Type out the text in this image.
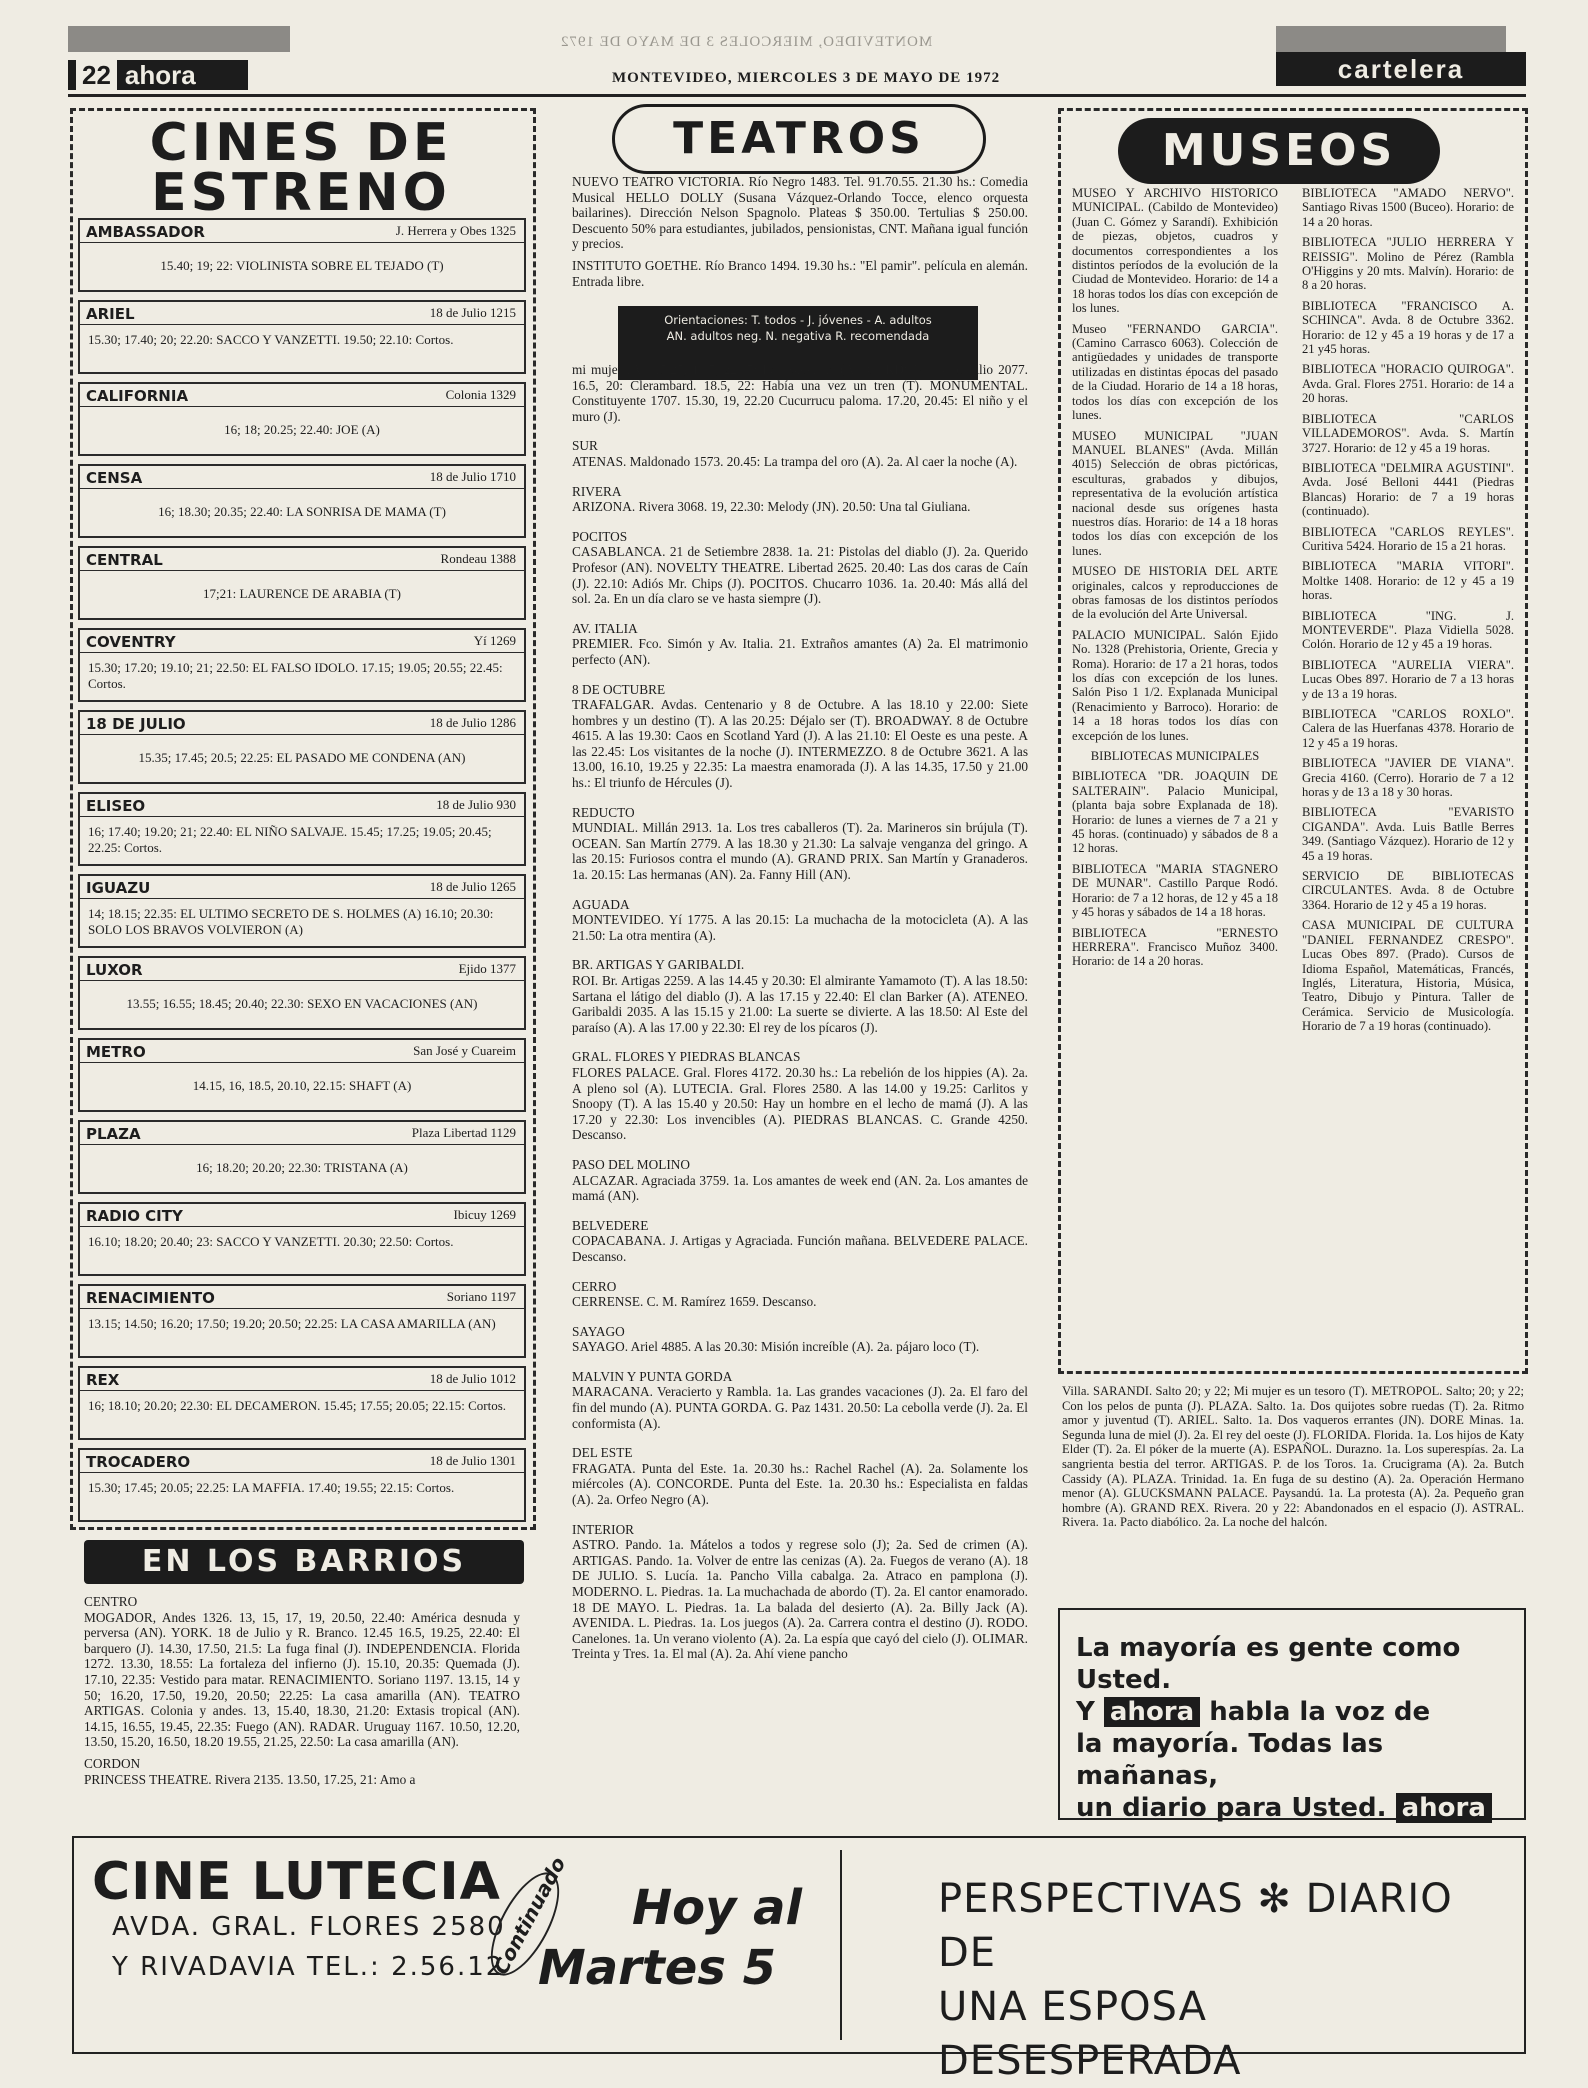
MONTEVIDEO, MIERCOLES 3 DE MAYO DE 1972
22 ahora	MONTEVIDEO, MIERCOLES 3 DE MAYO DE 1972	cartelera
CINES DE
ESTRENO
AMBASSADOR	J. Herrera y Obes 1325
15.40; 19; 22: VIOLINISTA SOBRE EL TEJADO (T)
ARIEL	18 de Julio 1215
15.30; 17.40; 20; 22.20: SACCO Y VANZETTI. 19.50; 22.10: Cortos.
CALIFORNIA	Colonia 1329
16; 18; 20.25; 22.40: JOE (A)
CENSA	18 de Julio 1710
16; 18.30; 20.35; 22.40: LA SONRISA DE MAMA (T)
CENTRAL	Rondeau 1388
17;21: LAURENCE DE ARABIA (T)
COVENTRY	Yí 1269
15.30; 17.20; 19.10; 21; 22.50: EL FALSO IDOLO. 17.15; 19.05; 20.55; 22.45: Cortos.
18 DE JULIO	18 de Julio 1286
15.35; 17.45; 20.5; 22.25: EL PASADO ME CONDENA (AN)
ELISEO	18 de Julio 930
16; 17.40; 19.20; 21; 22.40: EL NIÑO SALVAJE. 15.45; 17.25; 19.05; 20.45; 22.25: Cortos.
IGUAZU	18 de Julio 1265
14; 18.15; 22.35: EL ULTIMO SECRETO DE S. HOLMES (A) 16.10; 20.30: SOLO LOS BRAVOS VOLVIERON (A)
LUXOR	Ejido 1377
13.55; 16.55; 18.45; 20.40; 22.30: SEXO EN VACACIONES (AN)
METRO	San José y Cuareim
14.15, 16, 18.5, 20.10, 22.15: SHAFT (A)
PLAZA	Plaza Libertad 1129
16; 18.20; 20.20; 22.30: TRISTANA (A)
RADIO CITY	Ibicuy 1269
16.10; 18.20; 20.40; 23: SACCO Y VANZETTI. 20.30; 22.50: Cortos.
RENACIMIENTO	Soriano 1197
13.15; 14.50; 16.20; 17.50; 19.20; 20.50; 22.25: LA CASA AMARILLA (AN)
REX	18 de Julio 1012
16; 18.10; 20.20; 22.30: EL DECAMERON. 15.45; 17.55; 20.05; 22.15: Cortos.
TROCADERO	18 de Julio 1301
15.30; 17.45; 20.05; 22.25: LA MAFFIA. 17.40; 19.55; 22.15: Cortos.
EN LOS BARRIOS
CENTRO

MOGADOR, Andes 1326. 13, 15, 17, 19, 20.50, 22.40: América desnuda y perversa (AN). YORK. 18 de Julio y R. Branco. 12.45 16.5, 19.25, 22.40: El barquero (J). 14.30, 17.50, 21.5: La fuga final (J). INDEPENDENCIA. Florida 1272. 13.30, 18.55: La fortaleza del infierno (J). 15.10, 20.35: Quemada (J). 17.10, 22.35: Vestido para matar. RENACIMIENTO. Soriano 1197. 13.15, 14 y 50; 16.20, 17.50, 19.20, 20.50; 22.25: La casa amarilla (AN). TEATRO ARTIGAS. Colonia y andes. 13, 15.40, 18.30, 21.20: Extasis tropical (AN). 14.15, 16.55, 19.45, 22.35: Fuego (AN). RADAR. Uruguay 1167. 10.50, 12.20, 13.50, 15.20, 16.50, 18.20 19.55, 21.25, 22.50: La casa amarilla (AN).

CORDON

PRINCESS THEATRE. Rivera 2135. 13.50, 17.25, 21: Amo a

TEATROS

NUEVO TEATRO VICTORIA. Río Negro 1483. Tel. 91.70.55. 21.30 hs.: Comedia Musical HELLO DOLLY (Susana Vázquez-Orlando Tocce, elenco orquesta bailarines). Dirección Nelson Spagnolo. Plateas $ 350.00. Tertulias $ 250.00. Descuento 50% para estudiantes, jubilados, pensionistas, CNT. Mañana igual función y precios.

INSTITUTO GOETHE. Río Branco 1494. 19.30 hs.: "El pamir". película en alemán. Entrada libre.

Orientaciones: T. todos - J. jóvenes - A. adultos
AN. adultos neg. N. negativa R. recomendada

mi mujer (A). 15.25, 19.5, 22.35: La residencia (A). CORDON. 18 de Julio 2077. 16.5, 20: Clerambard. 18.5, 22: Había una vez un tren (T). MONUMENTAL. Constituyente 1707. 15.30, 19, 22.20 Cucurrucu paloma. 17.20, 20.45: El niño y el muro (J).

SUR

ATENAS. Maldonado 1573. 20.45: La trampa del oro (A). 2a. Al caer la noche (A).

RIVERA

ARIZONA. Rivera 3068. 19, 22.30: Melody (JN). 20.50: Una tal Giuliana.

POCITOS

CASABLANCA. 21 de Setiembre 2838. 1a. 21: Pistolas del diablo (J). 2a. Querido Profesor (AN). NOVELTY THEATRE. Libertad 2625. 20.40: Las dos caras de Caín (J). 22.10: Adiós Mr. Chips (J). POCITOS. Chucarro 1036. 1a. 20.40: Más allá del sol. 2a. En un día claro se ve hasta siempre (J).

AV. ITALIA

PREMIER. Fco. Simón y Av. Italia. 21. Extraños amantes (A) 2a. El matrimonio perfecto (AN).

8 DE OCTUBRE

TRAFALGAR. Avdas. Centenario y 8 de Octubre. A las 18.10 y 22.00: Siete hombres y un destino (T). A las 20.25: Déjalo ser (T). BROADWAY. 8 de Octubre 4615. A las 19.30: Caos en Scotland Yard (J). A las 21.10: El Oeste es una peste. A las 22.45: Los visitantes de la noche (J). INTERMEZZO. 8 de Octubre 3621. A las 13.00, 16.10, 19.25 y 22.35: La maestra enamorada (J). A las 14.35, 17.50 y 21.00 hs.: El triunfo de Hércules (J).

REDUCTO

MUNDIAL. Millán 2913. 1a. Los tres caballeros (T). 2a. Marineros sin brújula (T). OCEAN. San Martín 2779. A las 18.30 y 21.30: La salvaje venganza del gringo. A las 20.15: Furiosos contra el mundo (A). GRAND PRIX. San Martín y Granaderos. 1a. 20.15: Las hermanas (AN). 2a. Fanny Hill (AN).

AGUADA

MONTEVIDEO. Yí 1775. A las 20.15: La muchacha de la motocicleta (A). A las 21.50: La otra mentira (A).

BR. ARTIGAS Y GARIBALDI.

ROI. Br. Artigas 2259. A las 14.45 y 20.30: El almirante Yamamoto (T). A las 18.50: Sartana el látigo del diablo (J). A las 17.15 y 22.40: El clan Barker (A). ATENEO. Garibaldi 2035. A las 15.15 y 21.00: La suerte se divierte. A las 18.50: Al Este del paraíso (A). A las 17.00 y 22.30: El rey de los pícaros (J).

GRAL. FLORES Y PIEDRAS BLANCAS

FLORES PALACE. Gral. Flores 4172. 20.30 hs.: La rebelión de los hippies (A). 2a. A pleno sol (A). LUTECIA. Gral. Flores 2580. A las 14.00 y 19.25: Carlitos y Snoopy (T). A las 15.40 y 20.50: Hay un hombre en el lecho de mamá (J). A las 17.20 y 22.30: Los invencibles (A). PIEDRAS BLANCAS. C. Grande 4250. Descanso.

PASO DEL MOLINO

ALCAZAR. Agraciada 3759. 1a. Los amantes de week end (AN. 2a. Los amantes de mamá (AN).

BELVEDERE

COPACABANA. J. Artigas y Agraciada. Función mañana. BELVEDERE PALACE. Descanso.

CERRO

CERRENSE. C. M. Ramírez 1659. Descanso.

SAYAGO

SAYAGO. Ariel 4885. A las 20.30: Misión increíble (A). 2a. pájaro loco (T).

MALVIN Y PUNTA GORDA

MARACANA. Veracierto y Rambla. 1a. Las grandes vacaciones (J). 2a. El faro del fin del mundo (A). PUNTA GORDA. G. Paz 1431. 20.50: La cebolla verde (J). 2a. El conformista (A).

DEL ESTE

FRAGATA. Punta del Este. 1a. 20.30 hs.: Rachel Rachel (A). 2a. Solamente los miércoles (A). CONCORDE. Punta del Este. 1a. 20.30 hs.: Especialista en faldas (A). 2a. Orfeo Negro (A).

INTERIOR

ASTRO. Pando. 1a. Mátelos a todos y regrese solo (J); 2a. Sed de crimen (A). ARTIGAS. Pando. 1a. Volver de entre las cenizas (A). 2a. Fuegos de verano (A). 18 DE JULIO. S. Lucía. 1a. Pancho Villa cabalga. 2a. Atraco en pamplona (J). MODERNO. L. Piedras. 1a. La muchachada de abordo (T). 2a. El cantor enamorado. 18 DE MAYO. L. Piedras. 1a. La balada del desierto (A). 2a. Billy Jack (A). AVENIDA. L. Piedras. 1a. Los juegos (A). 2a. Carrera contra el destino (J). RODO. Canelones. 1a. Un verano violento (A). 2a. La espía que cayó del cielo (J). OLIMAR. Treinta y Tres. 1a. El mal (A). 2a. Ahí viene pancho

MUSEOS

MUSEO Y ARCHIVO HISTORICO MUNICIPAL. (Cabildo de Montevideo) (Juan C. Gómez y Sarandí). Exhibición de piezas, objetos, cuadros y documentos correspondientes a los distintos períodos de la evolución de la Ciudad de Montevideo. Horario: de 14 a 18 horas todos los días con excepción de los lunes.

Museo "FERNANDO GARCIA". (Camino Carrasco 6063). Colección de antigüedades y unidades de transporte utilizadas en distintas épocas del pasado de la Ciudad. Horario de 14 a 18 horas, todos los días con excepción de los lunes.

MUSEO MUNICIPAL "JUAN MANUEL BLANES" (Avda. Millán 4015) Selección de obras pictóricas, esculturas, grabados y dibujos, representativa de la evolución artística nacional desde sus orígenes hasta nuestros días. Horario: de 14 a 18 horas todos los días con excepción de los lunes.

MUSEO DE HISTORIA DEL ARTE originales, calcos y reproducciones de obras famosas de los distintos períodos de la evolución del Arte Universal.

PALACIO MUNICIPAL. Salón Ejido No. 1328 (Prehistoria, Oriente, Grecia y Roma). Horario: de 17 a 21 horas, todos los días con excepción de los lunes. Salón Piso 1 1/2. Explanada Municipal (Renacimiento y Barroco). Horario: de 14 a 18 horas todos los días con excepción de los lunes.

BIBLIOTECAS MUNICIPALES

BIBLIOTECA "DR. JOAQUIN DE SALTERAIN". Palacio Municipal, (planta baja sobre Explanada de 18). Horario: de lunes a viernes de 7 a 21 y 45 horas. (continuado) y sábados de 8 a 12 horas.

BIBLIOTECA "MARIA STAGNERO DE MUNAR". Castillo Parque Rodó. Horario: de 7 a 12 horas, de 12 y 45 a 18 y 45 horas y sábados de 14 a 18 horas.

BIBLIOTECA "ERNESTO HERRERA". Francisco Muñoz 3400. Horario: de 14 a 20 horas.

BIBLIOTECA "AMADO NERVO". Santiago Rivas 1500 (Buceo). Horario: de 14 a 20 horas.

BIBLIOTECA "JULIO HERRERA Y REISSIG". Molino de Pérez (Rambla O'Higgins y 20 mts. Malvín). Horario: de 8 a 20 horas.

BIBLIOTECA "FRANCISCO A. SCHINCA". Avda. 8 de Octubre 3362. Horario: de 12 y 45 a 19 horas y de 17 a 21 y45 horas.

BIBLIOTECA "HORACIO QUIROGA". Avda. Gral. Flores 2751. Horario: de 14 a 20 horas.

BIBLIOTECA "CARLOS VILLADEMOROS". Avda. S. Martín 3727. Horario: de 12 y 45 a 19 horas.

BIBLIOTECA "DELMIRA AGUSTINI". Avda. José Belloni 4441 (Piedras Blancas) Horario: de 7 a 19 horas (continuado).

BIBLIOTECA "CARLOS REYLES". Curitiva 5424. Horario de 15 a 21 horas.

BIBLIOTECA "MARIA VITORI". Moltke 1408. Horario: de 12 y 45 a 19 horas.

BIBLIOTECA "ING. J. MONTEVERDE". Plaza Vidiella 5028. Colón. Horario de 12 y 45 a 19 horas.

BIBLIOTECA "AURELIA VIERA". Lucas Obes 897. Horario de 7 a 13 horas y de 13 a 19 horas.

BIBLIOTECA "CARLOS ROXLO". Calera de las Huerfanas 4378. Horario de 12 y 45 a 19 horas.

BIBLIOTECA "JAVIER DE VIANA". Grecia 4160. (Cerro). Horario de 7 a 12 horas y de 13 a 18 y 30 horas.

BIBLIOTECA "EVARISTO CIGANDA". Avda. Luis Batlle Berres 349. (Santiago Vázquez). Horario de 12 y 45 a 19 horas.

SERVICIO DE BIBLIOTECAS CIRCULANTES. Avda. 8 de Octubre 3364. Horario de 12 y 45 a 19 horas.

CASA MUNICIPAL DE CULTURA "DANIEL FERNANDEZ CRESPO". Lucas Obes 897. (Prado). Cursos de Idioma Español, Matemáticas, Francés, Inglés, Literatura, Historia, Música, Teatro, Dibujo y Pintura. Taller de Cerámica. Servicio de Musicología. Horario de 7 a 19 horas (continuado).

Villa. SARANDI. Salto 20; y 22; Mi mujer es un tesoro (T). METROPOL. Salto; 20; y 22; Con los pelos de punta (J). PLAZA. Salto. 1a. Dos quijotes sobre ruedas (T). 2a. Ritmo amor y juventud (T). ARIEL. Salto. 1a. Dos vaqueros errantes (JN). DORE Minas. 1a. Segunda luna de miel (J). 2a. El rey del oeste (J). FLORIDA. Florida. 1a. Los hijos de Katy Elder (T). 2a. El póker de la muerte (A). ESPAÑOL. Durazno. 1a. Los superespías. 2a. La sangrienta bestia del terror. ARTIGAS. P. de los Toros. 1a. Crucigrama (A). 2a. Butch Cassidy (A). PLAZA. Trinidad. 1a. En fuga de su destino (A). 2a. Operación Hermano menor (A). GLUCKSMANN PALACE. Paysandú. 1a. La protesta (A). 2a. Pequeño gran hombre (A). GRAND REX. Rivera. 20 y 22: Abandonados en el espacio (J). ASTRAL. Rivera. 1a. Pacto diabólico. 2a. La noche del halcón.
La mayoría es gente como Usted.
Y ahora habla la voz de
la mayoría. Todas las mañanas,
un diario para Usted. ahora
CINE LUTECIA
AVDA. GRAL. FLORES 2580
Y RIVADAVIA TEL.: 2.56.12
Continuado Hoy al
Martes 5
PERSPECTIVAS ✻ DIARIO DE
UNA ESPOSA DESESPERADA
